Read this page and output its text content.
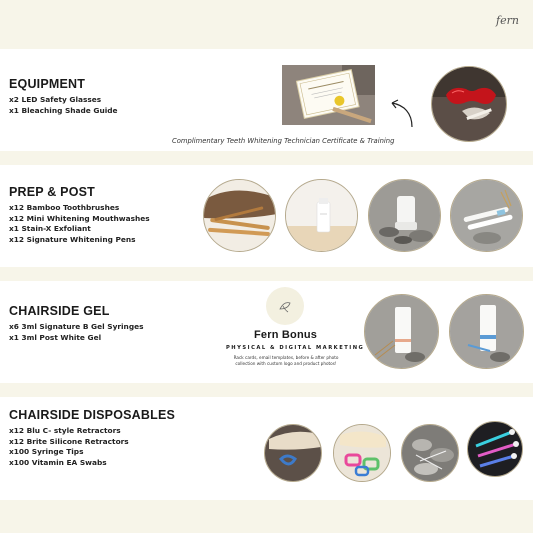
fern
EQUIPMENT
x2 LED Safety Glasses
x1 Bleaching Shade Guide
Complimentary Teeth Whitening Technician Certificate & Training
PREP & POST
x12 Bamboo Toothbrushes
x12 Mini Whitening Mouthwashes
x1 Stain-X Exfoliant
x12 Signature Whitening Pens
CHAIRSIDE GEL
x6 3ml Signature B Gel Syringes
x1 3ml Post White Gel	Fern Bonus
PHYSICAL & DIGITAL MARKETING
Rack cards, email templates, before & after photo
collection with custom logo and product photos!
CHAIRSIDE DISPOSABLES
x12 Blu C- style Retractors
x12 Brite Silicone Retractors
x100 Syringe Tips
x100 Vitamin EA Swabs
